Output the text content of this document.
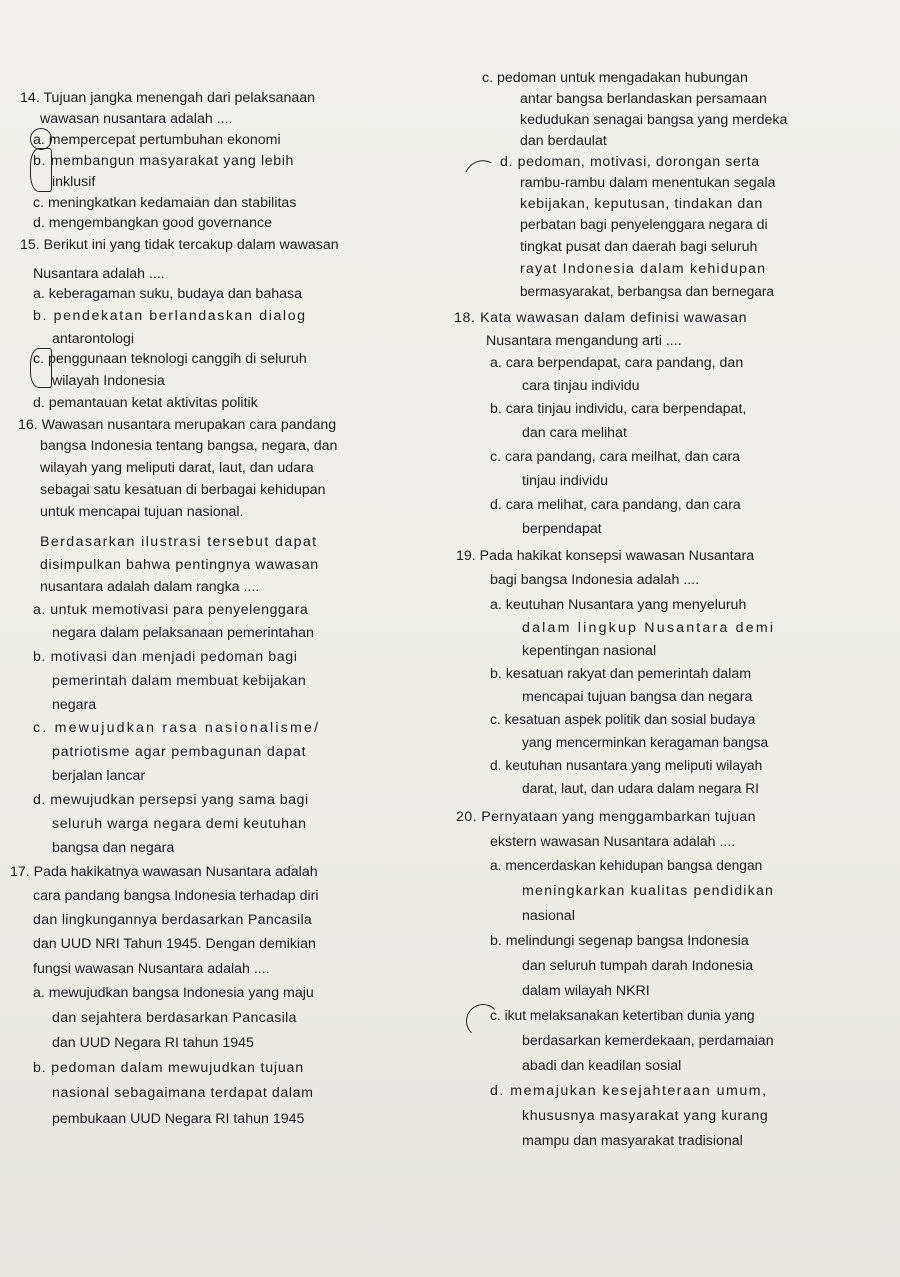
14. Tujuan jangka menengah dari pelaksanaan
wawasan nusantara adalah ....
a. mempercepat pertumbuhan ekonomi
b. membangun masyarakat yang lebih
inklusif
c. meningkatkan kedamaian dan stabilitas
d. mengembangkan good governance
15. Berikut ini yang tidak tercakup dalam wawasan
Nusantara adalah ....
a. keberagaman suku, budaya dan bahasa
b. pendekatan berlandaskan dialog
antarontologi
c. penggunaan teknologi canggih di seluruh
wilayah Indonesia
d. pemantauan ketat aktivitas politik
16. Wawasan nusantara merupakan cara pandang
bangsa Indonesia tentang bangsa, negara, dan
wilayah yang meliputi darat, laut, dan udara
sebagai satu kesatuan di berbagai kehidupan
untuk mencapai tujuan nasional.
Berdasarkan ilustrasi tersebut dapat
disimpulkan bahwa pentingnya wawasan
nusantara adalah dalam rangka ....
a. untuk memotivasi para penyelenggara
negara dalam pelaksanaan pemerintahan
b. motivasi dan menjadi pedoman bagi
pemerintah dalam membuat kebijakan
negara
c. mewujudkan rasa nasionalisme/
patriotisme agar pembagunan dapat
berjalan lancar
d. mewujudkan persepsi yang sama bagi
seluruh warga negara demi keutuhan
bangsa dan negara
17. Pada hakikatnya wawasan Nusantara adalah
cara pandang bangsa Indonesia terhadap diri
dan lingkungannya berdasarkan Pancasila
dan UUD NRI Tahun 1945. Dengan demikian
fungsi wawasan Nusantara adalah ....
a. mewujudkan bangsa Indonesia yang maju
dan sejahtera berdasarkan Pancasila
dan UUD Negara RI tahun 1945
b. pedoman dalam mewujudkan tujuan
nasional sebagaimana terdapat dalam
pembukaan UUD Negara RI tahun 1945
c. pedoman untuk mengadakan hubungan
antar bangsa berlandaskan persamaan
kedudukan senagai bangsa yang merdeka
dan berdaulat
d. pedoman, motivasi, dorongan serta
rambu-rambu dalam menentukan segala
kebijakan, keputusan, tindakan dan
perbatan bagi penyelenggara negara di
tingkat pusat dan daerah bagi seluruh
rayat Indonesia dalam kehidupan
bermasyarakat, berbangsa dan bernegara
18. Kata wawasan dalam definisi wawasan
Nusantara mengandung arti ....
a. cara berpendapat, cara pandang, dan
cara tinjau individu
b. cara tinjau individu, cara berpendapat,
dan cara melihat
c. cara pandang, cara meilhat, dan cara
tinjau individu
d. cara melihat, cara pandang, dan cara
berpendapat
19. Pada hakikat konsepsi wawasan Nusantara
bagi bangsa Indonesia adalah ....
a. keutuhan Nusantara yang menyeluruh
dalam lingkup Nusantara demi
kepentingan nasional
b. kesatuan rakyat dan pemerintah dalam
mencapai tujuan bangsa dan negara
c. kesatuan aspek politik dan sosial budaya
yang mencerminkan keragaman bangsa
d. keutuhan nusantara yang meliputi wilayah
darat, laut, dan udara dalam negara RI
20. Pernyataan yang menggambarkan tujuan
ekstern wawasan Nusantara adalah ....
a. mencerdaskan kehidupan bangsa dengan
meningkarkan kualitas pendidikan
nasional
b. melindungi segenap bangsa Indonesia
dan seluruh tumpah darah Indonesia
dalam wilayah NKRI
c. ikut melaksanakan ketertiban dunia yang
berdasarkan kemerdekaan, perdamaian
abadi dan keadilan sosial
d. memajukan kesejahteraan umum,
khususnya masyarakat yang kurang
mampu dan masyarakat tradisional
